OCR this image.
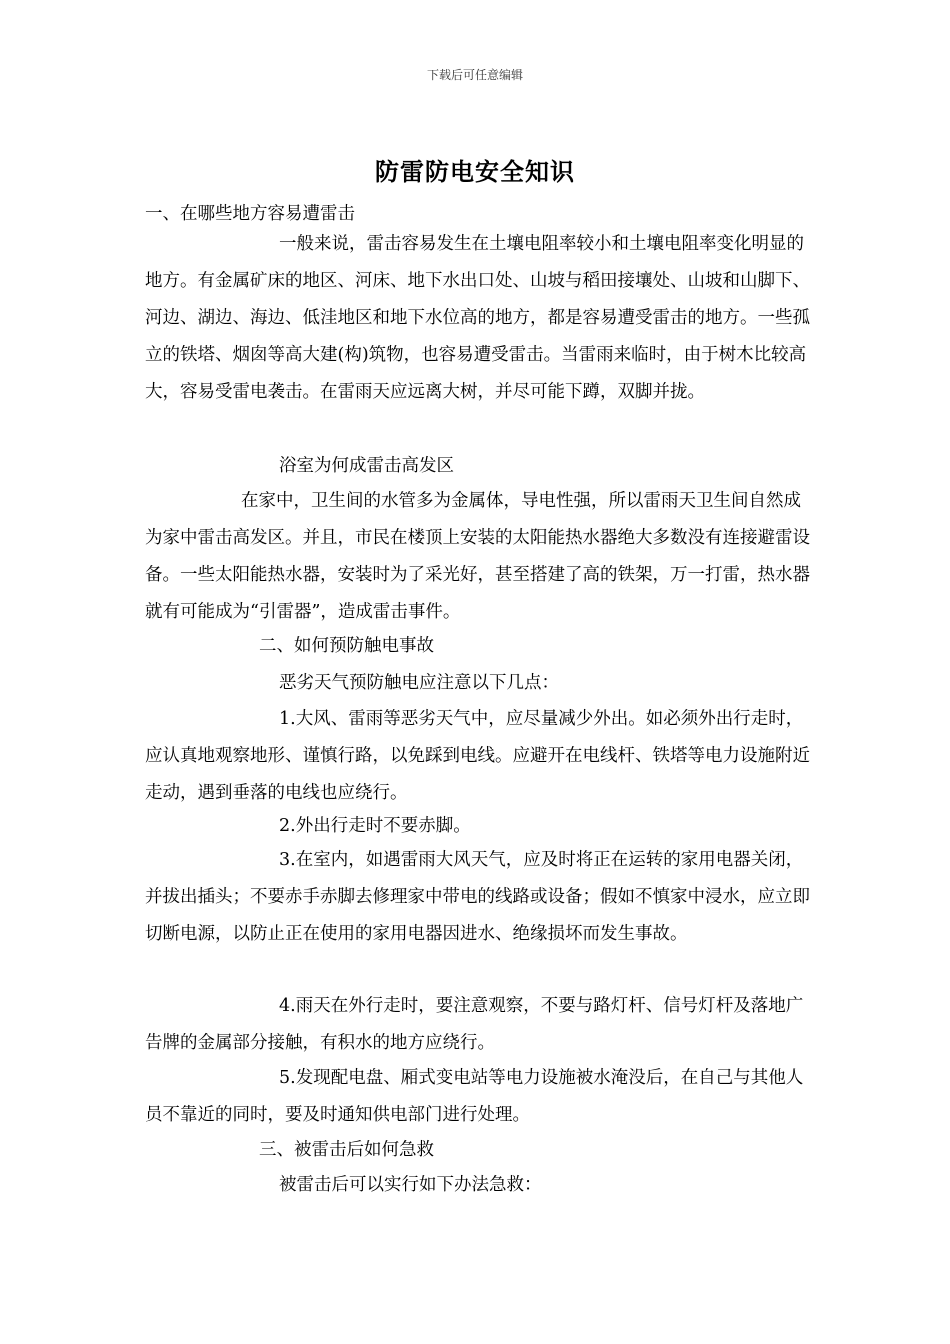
下载后可任意编辑
防雷防电安全知识

一、在哪些地方容易遭雷击

一般来说，雷击容易发生在土壤电阻率较小和土壤电阻率变化明显的地方。有金属矿床的地区、河床、地下水出口处、山坡与稻田接壤处、山坡和山脚下、河边、湖边、海边、低洼地区和地下水位高的地方，都是容易遭受雷击的地方。一些孤立的铁塔、烟囱等高大建(构)筑物，也容易遭受雷击。当雷雨来临时，由于树木比较高大，容易受雷电袭击。在雷雨天应远离大树，并尽可能下蹲，双脚并拢。

浴室为何成雷击高发区

在家中，卫生间的水管多为金属体，导电性强，所以雷雨天卫生间自然成为家中雷击高发区。并且，市民在楼顶上安装的太阳能热水器绝大多数没有连接避雷设备。一些太阳能热水器，安装时为了采光好，甚至搭建了高的铁架，万一打雷，热水器就有可能成为“引雷器”，造成雷击事件。

二、如何预防触电事故

恶劣天气预防触电应注意以下几点：

1.大风、雷雨等恶劣天气中，应尽量减少外出。如必须外出行走时，应认真地观察地形、谨慎行路，以免踩到电线。应避开在电线杆、铁塔等电力设施附近走动，遇到垂落的电线也应绕行。

2.外出行走时不要赤脚。

3.在室内，如遇雷雨大风天气，应及时将正在运转的家用电器关闭，并拔出插头；不要赤手赤脚去修理家中带电的线路或设备；假如不慎家中浸水，应立即切断电源，以防止正在使用的家用电器因进水、绝缘损坏而发生事故。

4.雨天在外行走时，要注意观察，不要与路灯杆、信号灯杆及落地广告牌的金属部分接触，有积水的地方应绕行。

5.发现配电盘、厢式变电站等电力设施被水淹没后，在自己与其他人员不靠近的同时，要及时通知供电部门进行处理。

三、被雷击后如何急救

被雷击后可以实行如下办法急救：
